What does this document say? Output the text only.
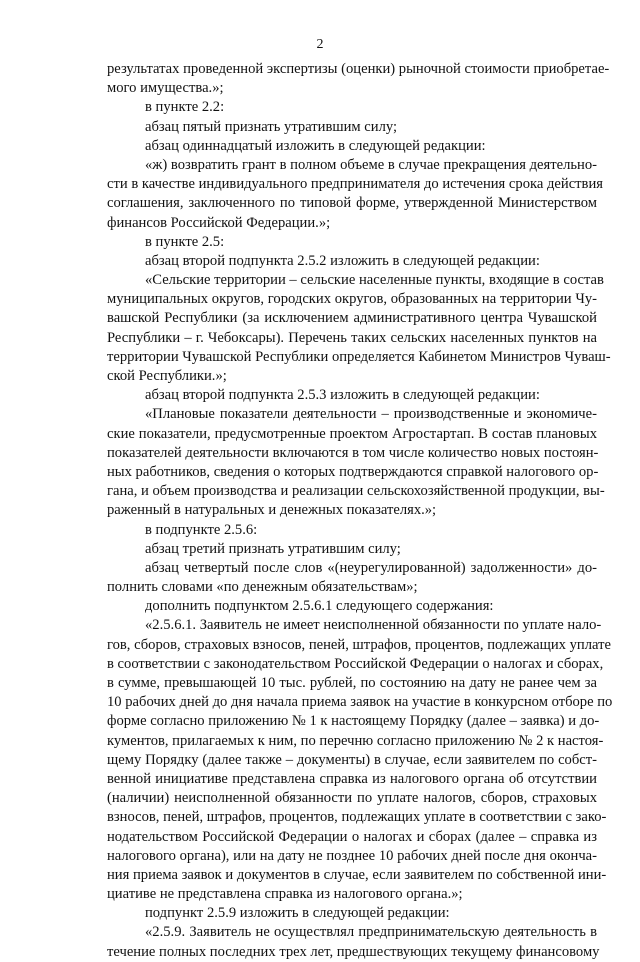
2
результатах проведенной экспертизы (оценки) рыночной стоимости приобретае-
мого имущества.»;
в пункте 2.2:
абзац пятый признать утратившим силу;
абзац одиннадцатый изложить в следующей редакции:
«ж) возвратить грант в полном объеме в случае прекращения деятельно-
сти в качестве индивидуального предпринимателя до истечения срока действия
соглашения, заключенного по типовой форме, утвержденной Министерством
финансов Российской Федерации.»;
в пункте 2.5:
абзац второй подпункта 2.5.2 изложить в следующей редакции:
«Сельские территории – сельские населенные пункты, входящие в состав
муниципальных округов, городских округов, образованных на территории Чу-
вашской Республики (за исключением административного центра Чувашской
Республики – г. Чебоксары). Перечень таких сельских населенных пунктов на
территории Чувашской Республики определяется Кабинетом Министров Чуваш-
ской Республики.»;
абзац второй подпункта 2.5.3 изложить в следующей редакции:
«Плановые показатели деятельности – производственные и экономиче-
ские показатели, предусмотренные проектом Агростартап. В состав плановых
показателей деятельности включаются в том числе количество новых постоян-
ных работников, сведения о которых подтверждаются справкой налогового ор-
гана, и объем производства и реализации сельскохозяйственной продукции, вы-
раженный в натуральных и денежных показателях.»;
в подпункте 2.5.6:
абзац третий признать утратившим силу;
абзац четвертый после слов «(неурегулированной) задолженности» до-
полнить словами «по денежным обязательствам»;
дополнить подпунктом 2.5.6.1 следующего содержания:
«2.5.6.1. Заявитель не имеет неисполненной обязанности по уплате нало-
гов, сборов, страховых взносов, пеней, штрафов, процентов, подлежащих уплате
в соответствии с законодательством Российской Федерации о налогах и сборах,
в сумме, превышающей 10 тыс. рублей, по состоянию на дату не ранее чем за
10 рабочих дней до дня начала приема заявок на участие в конкурсном отборе по
форме согласно приложению № 1 к настоящему Порядку (далее – заявка) и до-
кументов, прилагаемых к ним, по перечню согласно приложению № 2 к настоя-
щему Порядку (далее также – документы) в случае, если заявителем по собст-
венной инициативе представлена справка из налогового органа об отсутствии
(наличии) неисполненной обязанности по уплате налогов, сборов, страховых
взносов, пеней, штрафов, процентов, подлежащих уплате в соответствии с зако-
нодательством Российской Федерации о налогах и сборах (далее – справка из
налогового органа), или на дату не позднее 10 рабочих дней после дня оконча-
ния приема заявок и документов в случае, если заявителем по собственной ини-
циативе не представлена справка из налогового органа.»;
подпункт 2.5.9 изложить в следующей редакции:
«2.5.9. Заявитель не осуществлял предпринимательскую деятельность в
течение полных последних трех лет, предшествующих текущему финансовому
